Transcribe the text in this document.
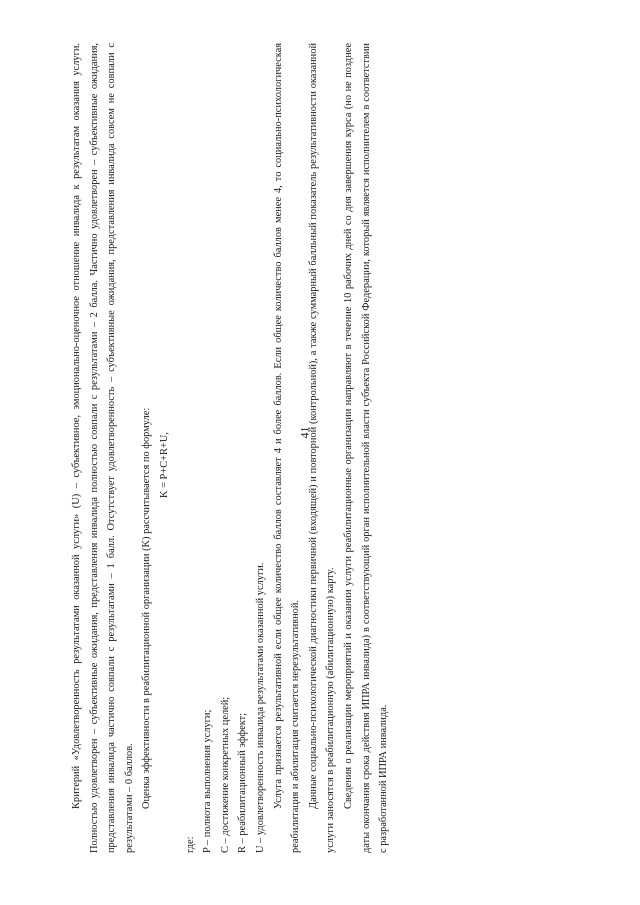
41

Критерий «Удовлетворенность результатами оказанной услуги» (U) – субъективное, эмоционально-оценочное отношение инвалида к результатам оказания услуги. Полностью удовлетворен – субъективные ожидания, представления инвалида полностью совпали с результатами – 2 балла. Частично удовлетворен – субъективные ожидания, представления инвалида частично совпали с результатами – 1 балл. Отсутствует удовлетворенность – субъективные ожидания, представления инвалида совсем не совпали с результатами – 0 баллов. Оценка эффективности в реабилитационной организации (K) рассчитывается по формуле: K = P+C+R+U,

где: P – полнота выполнения услуги; C – достижение конкретных целей; R – реабилитационный эффект; U – удовлетворенность инвалида результатами оказанной услуги. Услуга признается результативной если общее количество баллов составляет 4 и более баллов. Если общее количество баллов менее 4, то социально-психологическая реабилитация и абилитация считается нерезультативной. Данные социально-психологической диагностики первичной (входящей) и повторной (контрольной), а также суммарный балльный показатель результативности оказанной услуги заносятся в реабилитационную (абилитационную) карту. Сведения о реализации мероприятий и оказании услуги реабилитационные организации направляют в течение 10 рабочих дней со дня завершения курса (но не позднее даты окончания срока действия ИПРА инвалида) в соответствующий орган исполнительной власти субъекта Российской Федерации, который является исполнителем в соответствии с разработанной ИПРА инвалида.
